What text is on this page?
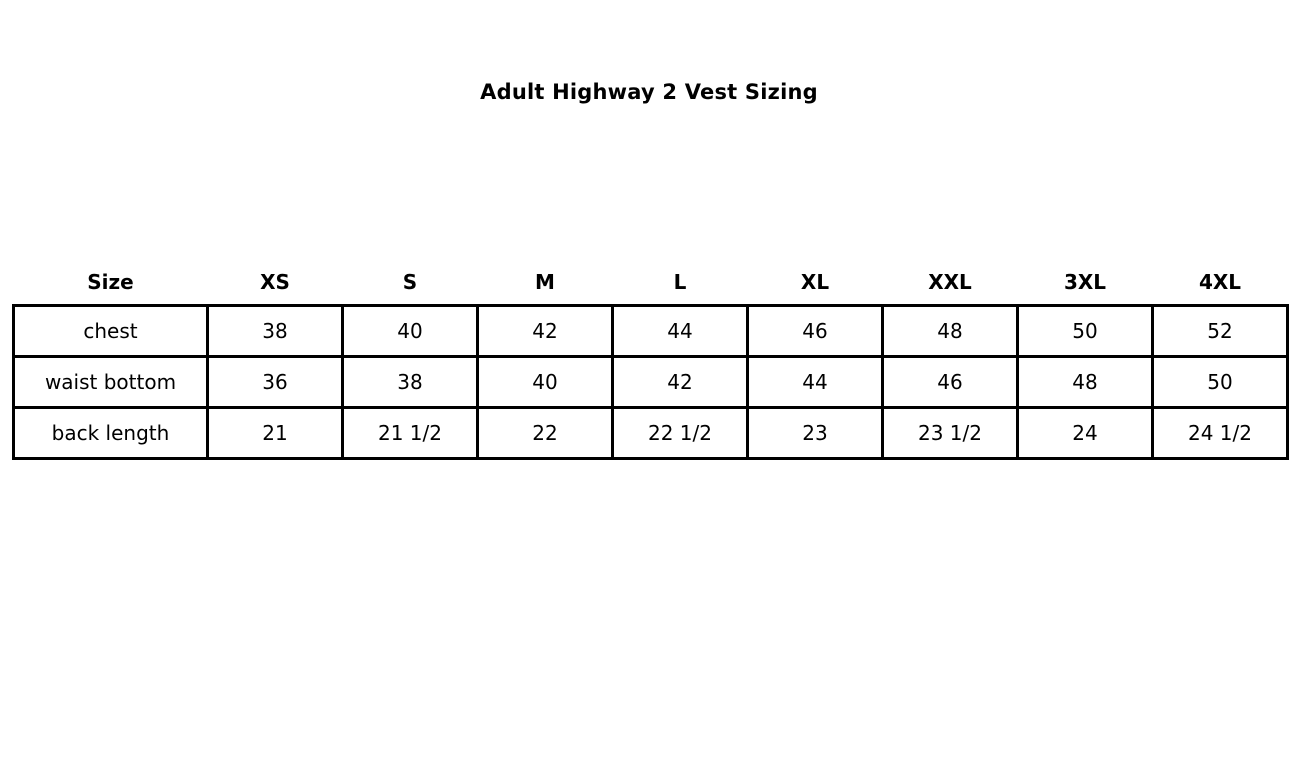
Adult Highway 2 Vest Sizing
Size	XS	S	M	L	XL	XXL	3XL	4XL
chest	38	40	42	44	46	48	50	52
waist bottom	36	38	40	42	44	46	48	50
back length	21	21 1/2	22	22 1/2	23	23 1/2	24	24 1/2
